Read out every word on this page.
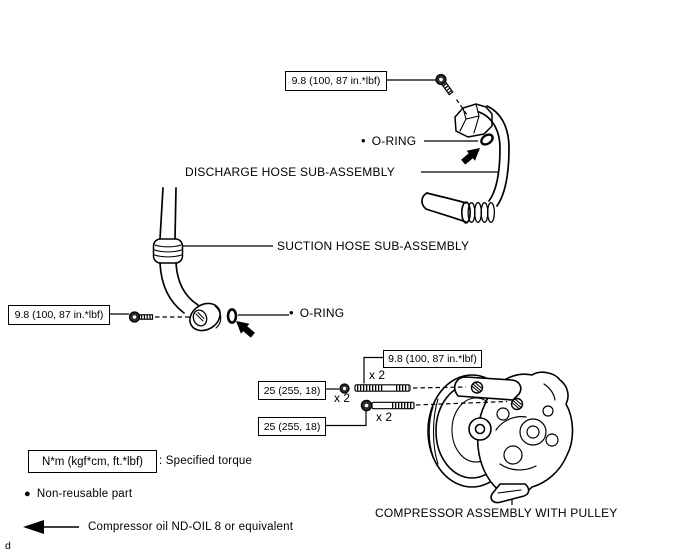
9.8 (100, 87 in.*lbf)
9.8 (100, 87 in.*lbf)
9.8 (100, 87 in.*lbf)
25 (255, 18)
25 (255, 18)
x 2
x 2
x 2
• O-RING
DISCHARGE HOSE SUB-ASSEMBLY
SUCTION HOSE SUB-ASSEMBLY
• O-RING
COMPRESSOR ASSEMBLY WITH PULLEY
N*m (kgf*cm, ft.*lbf)	: Specified torque
● Non-reusable part
Compressor oil ND-OIL 8 or equivalent
d
